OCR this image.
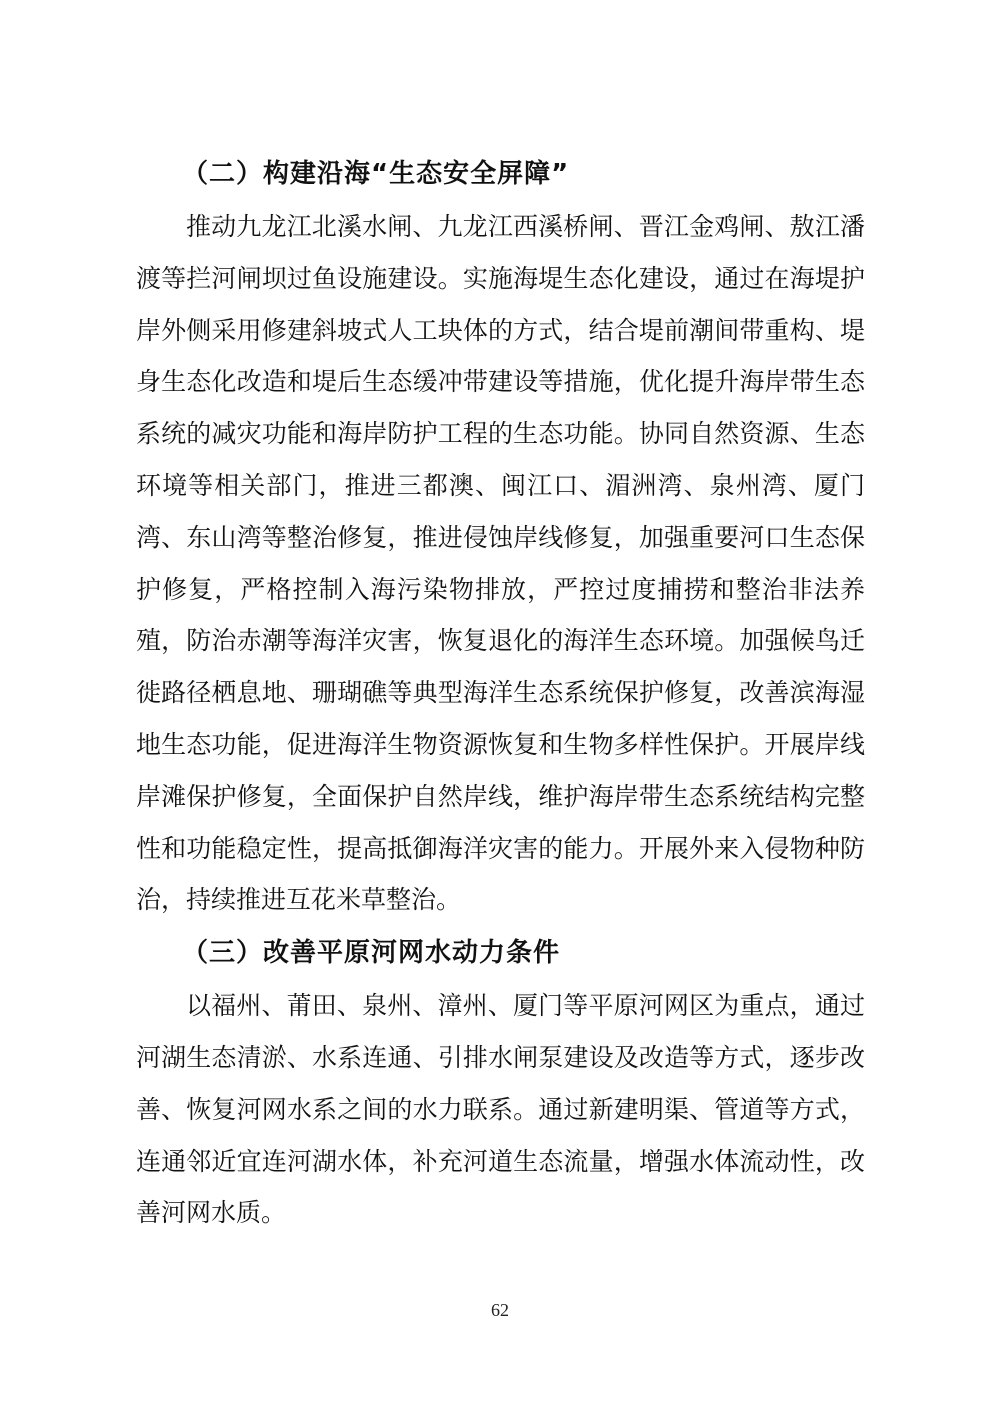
（二）构建沿海“生态安全屏障”

推动九龙江北溪水闸、九龙江西溪桥闸、晋江金鸡闸、敖江潘渡等拦河闸坝过鱼设施建设。实施海堤生态化建设，通过在海堤护岸外侧采用修建斜坡式人工块体的方式，结合堤前潮间带重构、堤身生态化改造和堤后生态缓冲带建设等措施，优化提升海岸带生态系统的减灾功能和海岸防护工程的生态功能。协同自然资源、生态环境等相关部门，推进三都澳、闽江口、湄洲湾、泉州湾、厦门湾、东山湾等整治修复，推进侵蚀岸线修复，加强重要河口生态保护修复，严格控制入海污染物排放，严控过度捕捞和整治非法养殖，防治赤潮等海洋灾害，恢复退化的海洋生态环境。加强候鸟迁徙路径栖息地、珊瑚礁等典型海洋生态系统保护修复，改善滨海湿地生态功能，促进海洋生物资源恢复和生物多样性保护。开展岸线岸滩保护修复，全面保护自然岸线，维护海岸带生态系统结构完整性和功能稳定性，提高抵御海洋灾害的能力。开展外来入侵物种防治，持续推进互花米草整治。

（三）改善平原河网水动力条件

以福州、莆田、泉州、漳州、厦门等平原河网区为重点，通过河湖生态清淤、水系连通、引排水闸泵建设及改造等方式，逐步改善、恢复河网水系之间的水力联系。通过新建明渠、管道等方式，连通邻近宜连河湖水体，补充河道生态流量，增强水体流动性，改善河网水质。

62
